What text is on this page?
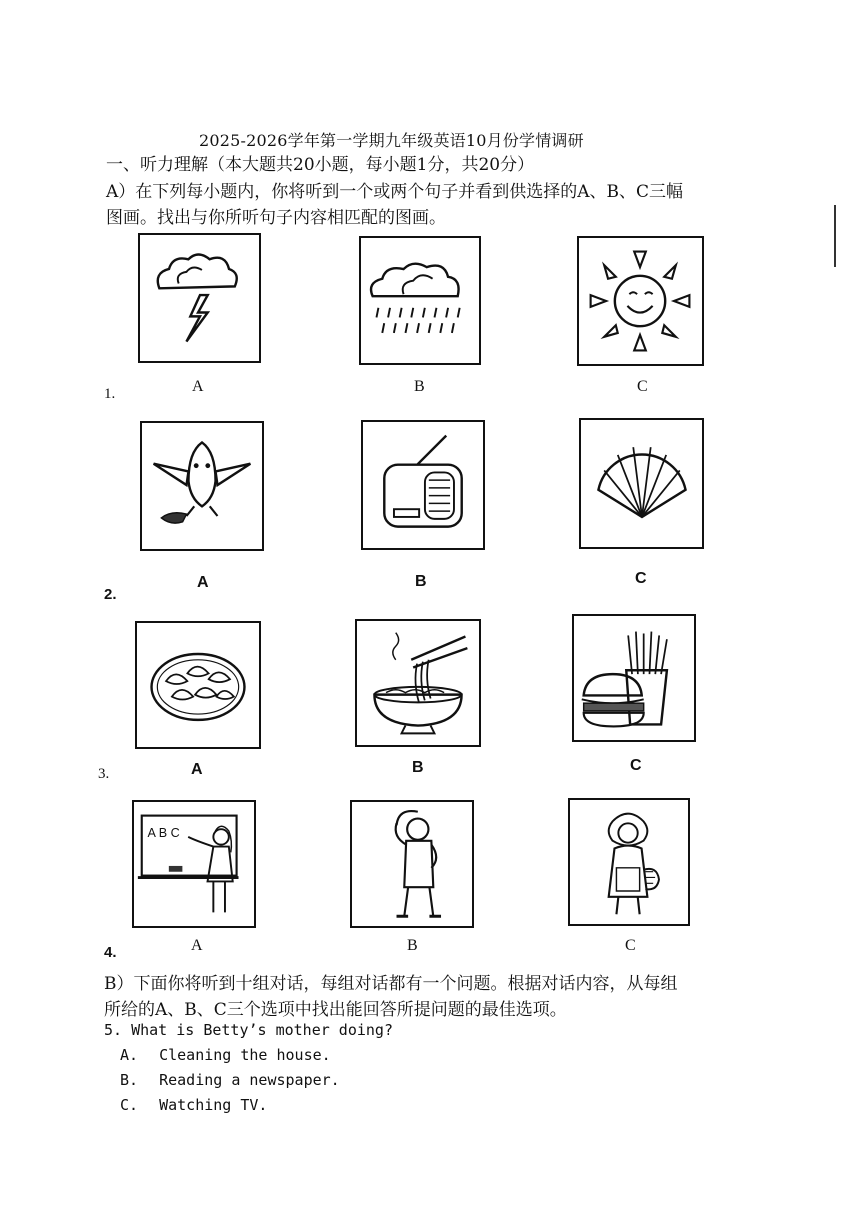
2025-2026学年第一学期九年级英语10月份学情调研
一、听力理解（本大题共20小题，每小题1分，共20分）
A）在下列每小题内，你将听到一个或两个句子并看到供选择的A、B、C三幅
图画。找出与你所听句子内容相匹配的图画。
1.	A	B	C
2.
A	B	C
3.	A	B	C
A B C
4.	A	B	C
B）下面你将听到十组对话，每组对话都有一个问题。根据对话内容，从每组
所给的A、B、C三个选项中找出能回答所提问题的最佳选项。
5. What is Betty’s mother doing?
A. Cleaning the house.
B. Reading a newspaper.
C. Watching TV.
